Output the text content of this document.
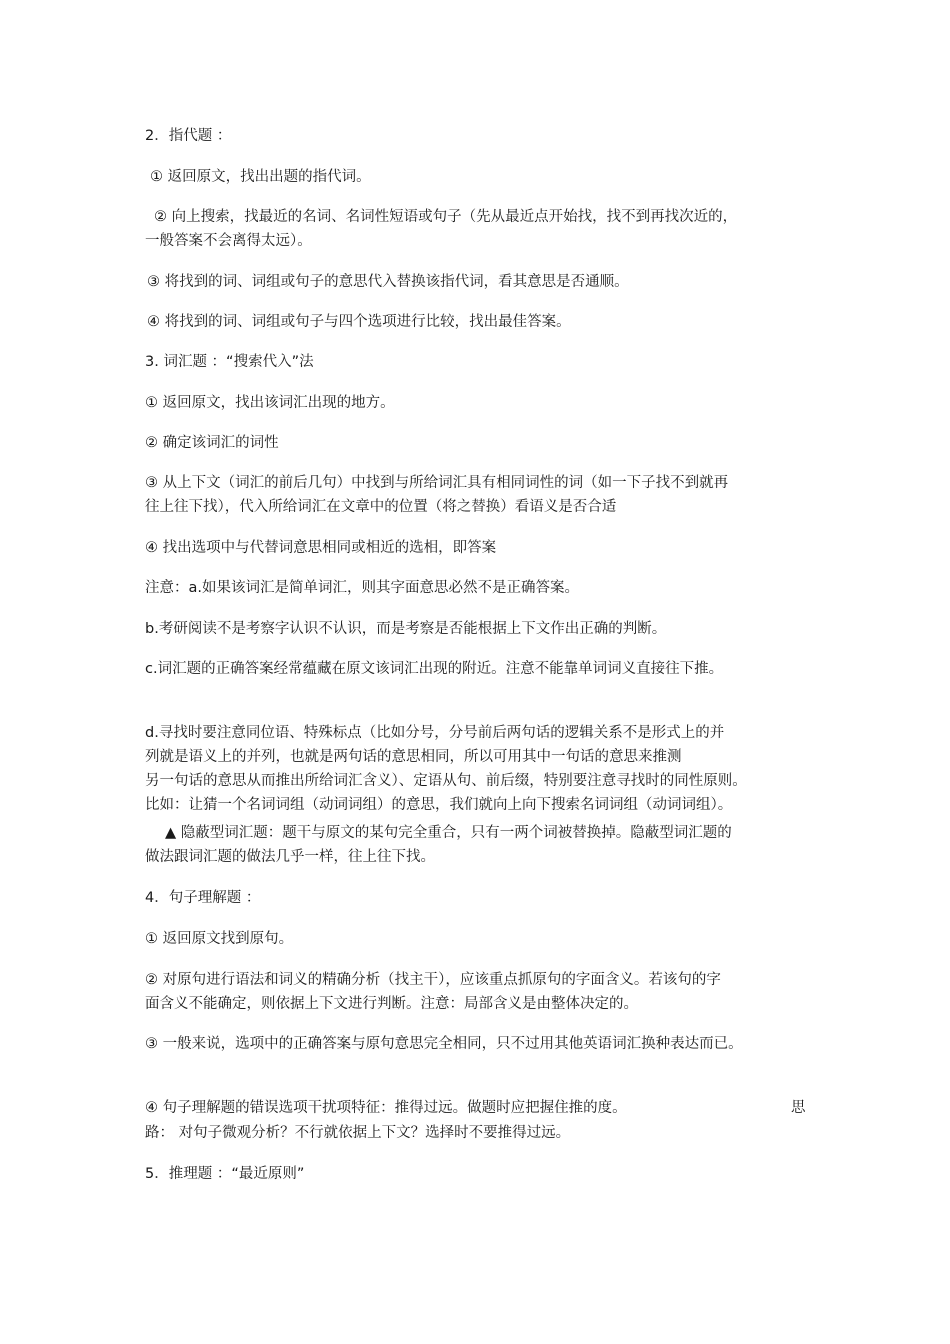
2．指代题 ：
① 返回原文，找出出题的指代词。
② 向上搜索，找最近的名词、名词性短语或句子（先从最近点开始找，找不到再找次近的，
一般答案不会离得太远）。
③ 将找到的词、词组或句子的意思代入替换该指代词，看其意思是否通顺。
④ 将找到的词、词组或句子与四个选项进行比较，找出最佳答案。
3. 词汇题 ：“搜索代入”法
① 返回原文，找出该词汇出现的地方。
② 确定该词汇的词性
③ 从上下文（词汇的前后几句）中找到与所给词汇具有相同词性的词（如一下子找不到就再
往上往下找），代入所给词汇在文章中的位置（将之替换）看语义是否合适
④ 找出选项中与代替词意思相同或相近的选相，即答案
注意：a.如果该词汇是简单词汇，则其字面意思必然不是正确答案。
b.考研阅读不是考察字认识不认识，而是考察是否能根据上下文作出正确的判断。
c.词汇题的正确答案经常蕴藏在原文该词汇出现的附近。注意不能靠单词词义直接往下推。
d.寻找时要注意同位语、特殊标点（比如分号，分号前后两句话的逻辑关系不是形式上的并
列就是语义上的并列，也就是两句话的意思相同，所以可用其中一句话的意思来推测
另一句话的意思从而推出所给词汇含义）、定语从句、前后缀，特别要注意寻找时的同性原则。
比如：让猜一个名词词组（动词词组）的意思，我们就向上向下搜索名词词组（动词词组）。
▲ 隐蔽型词汇题：题干与原文的某句完全重合，只有一两个词被替换掉。隐蔽型词汇题的
做法跟词汇题的做法几乎一样，往上往下找。
4．句子理解题 ：
① 返回原文找到原句。
② 对原句进行语法和词义的精确分析（找主干），应该重点抓原句的字面含义。若该句的字
面含义不能确定，则依据上下文进行判断。注意：局部含义是由整体决定的。
③ 一般来说，选项中的正确答案与原句意思完全相同，只不过用其他英语词汇换种表达而已。
④ 句子理解题的错误选项干扰项特征：推得过远。做题时应把握住推的度。	思
路： 对句子微观分析？不行就依据上下文？选择时不要推得过远。
5．推理题 ：“最近原则”
